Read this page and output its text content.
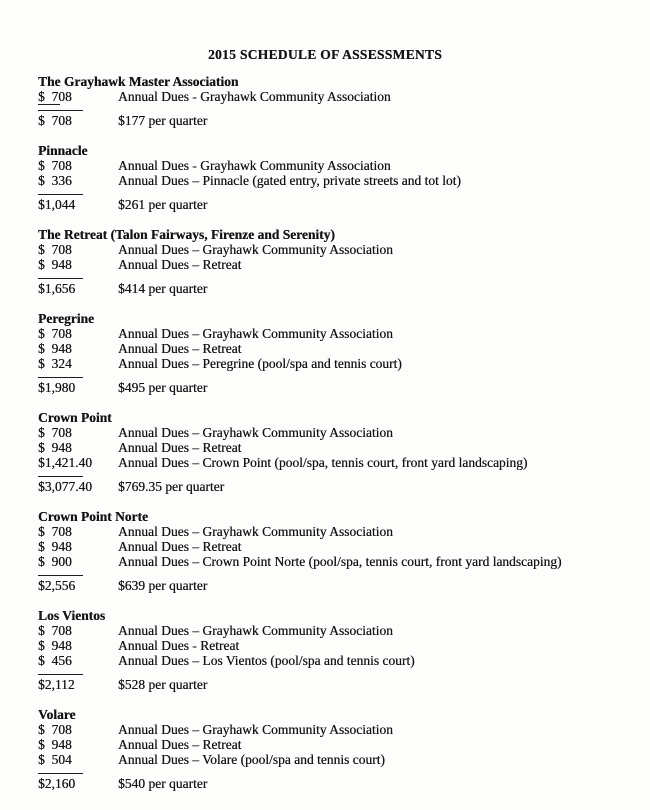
2015 SCHEDULE OF ASSESSMENTS
The Grayhawk Master Association
$  708	Annual Dues - Grayhawk Community Association
$  708	$177 per quarter
Pinnacle
$  708	Annual Dues - Grayhawk Community Association
$  336	Annual Dues – Pinnacle (gated entry, private streets and tot lot)
$1,044	$261 per quarter
The Retreat (Talon Fairways, Firenze and Serenity)
$  708	Annual Dues – Grayhawk Community Association
$  948	Annual Dues – Retreat
$1,656	$414 per quarter
Peregrine
$  708	Annual Dues – Grayhawk Community Association
$  948	Annual Dues – Retreat
$  324	Annual Dues – Peregrine (pool/spa and tennis court)
$1,980	$495 per quarter
Crown Point
$  708	Annual Dues – Grayhawk Community Association
$  948	Annual Dues – Retreat
$1,421.40	Annual Dues – Crown Point (pool/spa, tennis court, front yard landscaping)
$3,077.40	$769.35 per quarter
Crown Point Norte
$  708	Annual Dues – Grayhawk Community Association
$  948	Annual Dues – Retreat
$  900	Annual Dues – Crown Point Norte (pool/spa, tennis court, front yard landscaping)
$2,556	$639 per quarter
Los Vientos
$  708	Annual Dues – Grayhawk Community Association
$  948	Annual Dues - Retreat
$  456	Annual Dues – Los Vientos (pool/spa and tennis court)
$2,112	$528 per quarter
Volare
$  708	Annual Dues – Grayhawk Community Association
$  948	Annual Dues – Retreat
$  504	Annual Dues – Volare (pool/spa and tennis court)
$2,160	$540 per quarter
